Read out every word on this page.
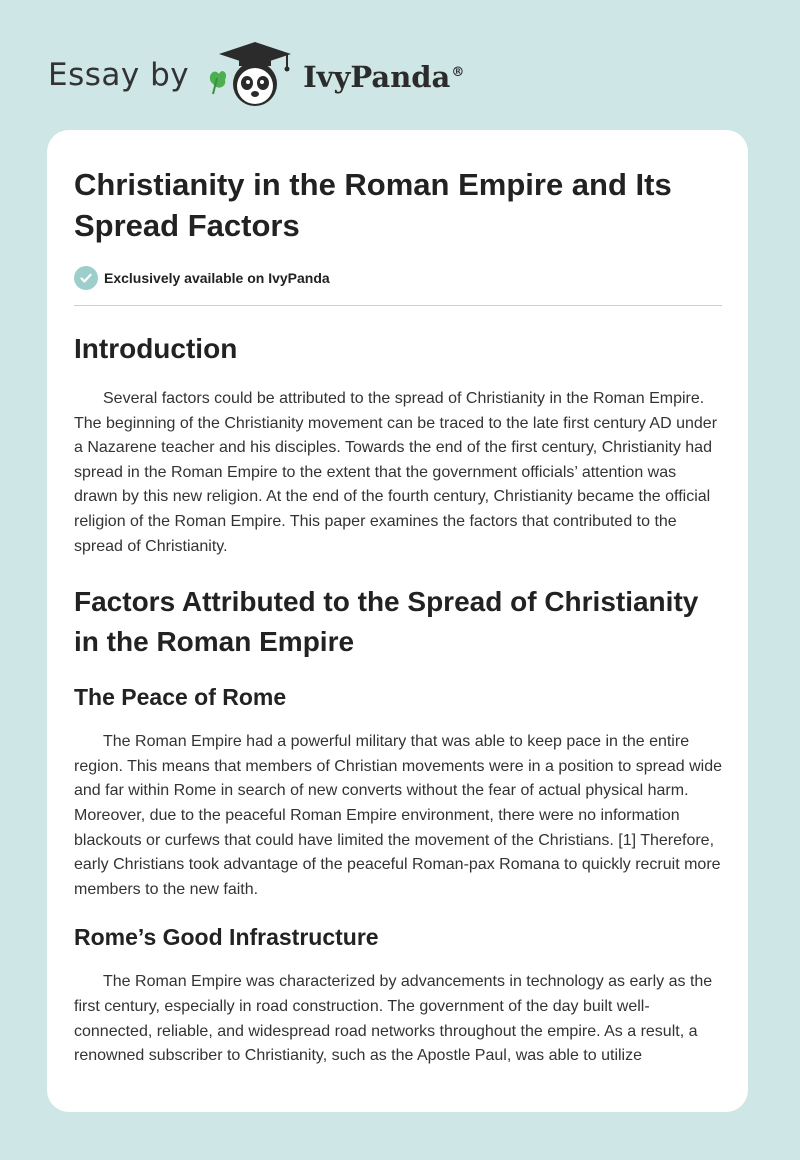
Essay by	IvyPanda®
Christianity in the Roman Empire and Its Spread Factors
Exclusively available on IvyPanda
Introduction

Several factors could be attributed to the spread of Christianity in the Roman Empire. The beginning of the Christianity movement can be traced to the late first century AD under a Nazarene teacher and his disciples. Towards the end of the first century, Christianity had spread in the Roman Empire to the extent that the government officials’ attention was drawn by this new religion. At the end of the fourth century, Christianity became the official religion of the Roman Empire. This paper examines the factors that contributed to the spread of Christianity.

Factors Attributed to the Spread of Christianity in the Roman Empire
The Peace of Rome

The Roman Empire had a powerful military that was able to keep pace in the entire region. This means that members of Christian movements were in a position to spread wide and far within Rome in search of new converts without the fear of actual physical harm. Moreover, due to the peaceful Roman Empire environment, there were no information blackouts or curfews that could have limited the movement of the Christians. [1] Therefore, early Christians took advantage of the peaceful Roman-pax Romana to quickly recruit more members to the new faith.

Rome’s Good Infrastructure

The Roman Empire was characterized by advancements in technology as early as the first century, especially in road construction. The government of the day built well-connected, reliable, and widespread road networks throughout the empire. As a result, a renowned subscriber to Christianity, such as the Apostle Paul, was able to utilize
